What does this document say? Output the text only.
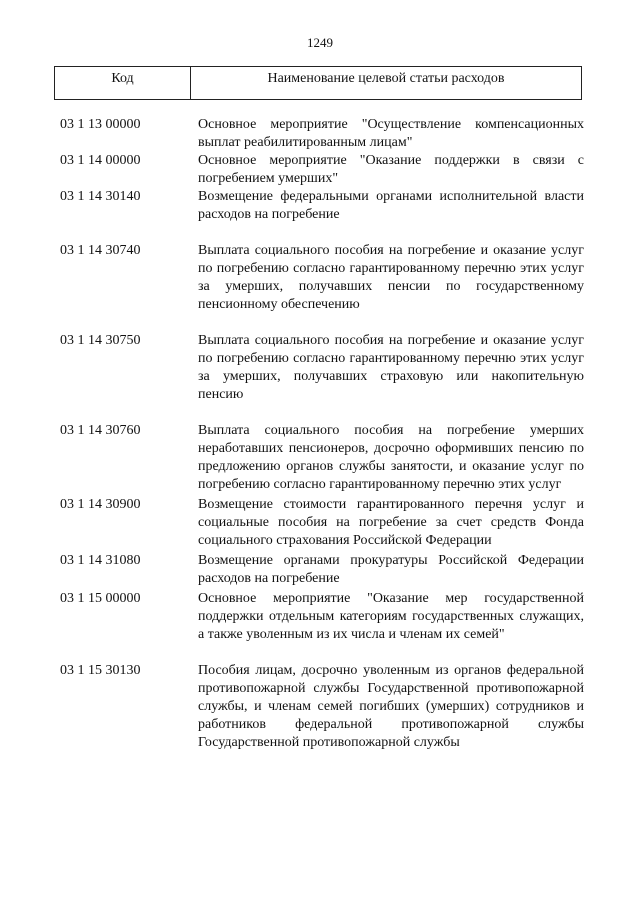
1249
Код	Наименование целевой статьи расходов
03 1 13 00000	Основное мероприятие "Осуществление компенсационных выплат реабилитированным лицам"
03 1 14 00000	Основное мероприятие "Оказание поддержки в связи с погребением умерших"
03 1 14 30140	Возмещение федеральными органами исполнительной власти расходов на погребение
03 1 14 30740	Выплата социального пособия на погребение и оказание услуг по погребению согласно гарантированному перечню этих услуг за умерших, получавших пенсии по государственному пенсионному обеспечению
03 1 14 30750	Выплата социального пособия на погребение и оказание услуг по погребению согласно гарантированному перечню этих услуг за умерших, получавших страховую или накопительную пенсию
03 1 14 30760	Выплата социального пособия на погребение умерших неработавших пенсионеров, досрочно оформивших пенсию по предложению органов службы занятости, и оказание услуг по погребению согласно гарантированному перечню этих услуг
03 1 14 30900	Возмещение стоимости гарантированного перечня услуг и социальные пособия на погребение за счет средств Фонда социального страхования Российской Федерации
03 1 14 31080	Возмещение органами прокуратуры Российской Федерации расходов на погребение
03 1 15 00000	Основное мероприятие "Оказание мер государственной поддержки отдельным категориям государственных служащих, а также уволенным из их числа и членам их семей"
03 1 15 30130	Пособия лицам, досрочно уволенным из органов федеральной противопожарной службы Государственной противопожарной службы, и членам семей погибших (умерших) сотрудников и работников федеральной противопожарной службы Государственной противопожарной службы
